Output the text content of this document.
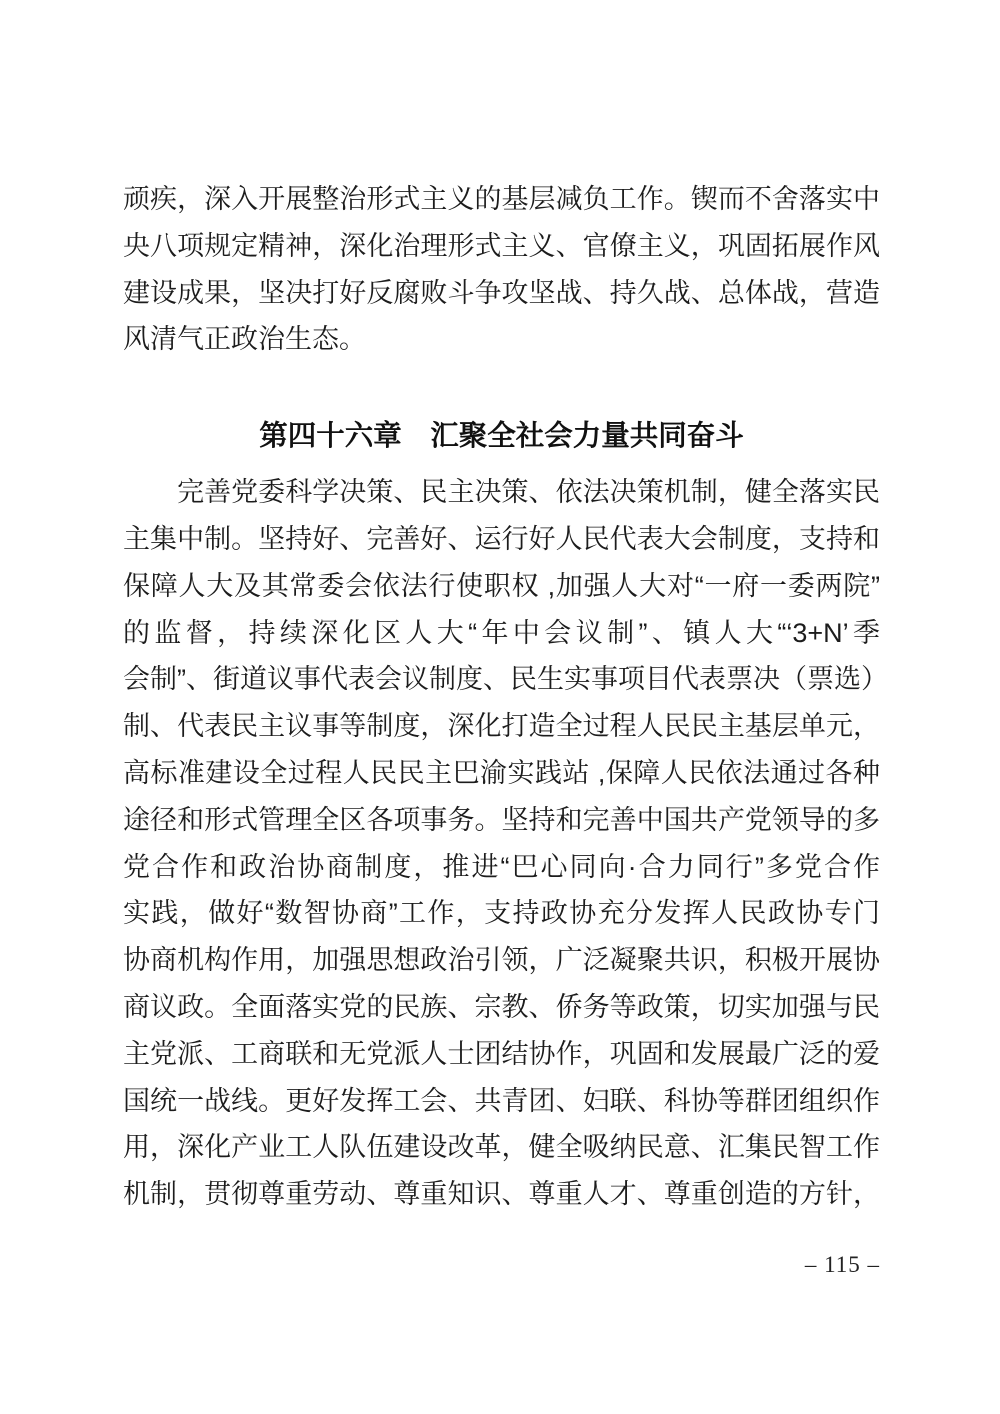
顽疾，深入开展整治形式主义的基层减负工作。锲而不舍落实中
央八项规定精神，深化治理形式主义、官僚主义，巩固拓展作风
建设成果，坚决打好反腐败斗争攻坚战、持久战、总体战，营造
风清气正政治生态。
第四十六章　汇聚全社会力量共同奋斗
　　完善党委科学决策、民主决策、依法决策机制，健全落实民
主集中制。坚持好、完善好、运行好人民代表大会制度，支持和
保障人大及其常委会依法行使职权 ,加强人大对“一府一委两院”
的监督，持续深化区人大“年中会议制”、镇人大“‘3+N’季
会制”、街道议事代表会议制度、民生实事项目代表票决（票选）
制、代表民主议事等制度，深化打造全过程人民民主基层单元，
高标准建设全过程人民民主巴渝实践站 ,保障人民依法通过各种
途径和形式管理全区各项事务。坚持和完善中国共产党领导的多
党合作和政治协商制度，推进“巴心同向·合力同行”多党合作
实践，做好“数智协商”工作，支持政协充分发挥人民政协专门
协商机构作用，加强思想政治引领，广泛凝聚共识，积极开展协
商议政。全面落实党的民族、宗教、侨务等政策，切实加强与民
主党派、工商联和无党派人士团结协作，巩固和发展最广泛的爱
国统一战线。更好发挥工会、共青团、妇联、科协等群团组织作
用，深化产业工人队伍建设改革，健全吸纳民意、汇集民智工作
机制，贯彻尊重劳动、尊重知识、尊重人才、尊重创造的方针，
– 115 –
